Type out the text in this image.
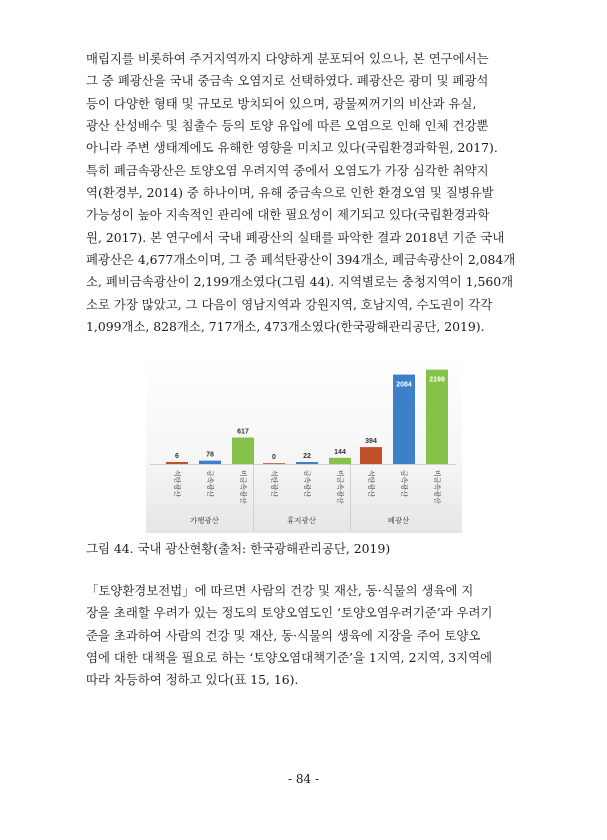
매립지를 비롯하여 주거지역까지 다양하게 분포되어 있으나, 본 연구에서는
그 중 폐광산을 국내 중금속 오염지로 선택하였다. 폐광산은 광미 및 폐광석
등이 다양한 형태 및 규모로 방치되어 있으며, 광물찌꺼기의 비산과 유실,
광산 산성배수 및 침출수 등의 토양 유입에 따른 오염으로 인해 인체 건강뿐
아니라 주변 생태계에도 유해한 영향을 미치고 있다(국립환경과학원, 2017).
특히 폐금속광산은 토양오염 우려지역 중에서 오염도가 가장 심각한 취약지
역(환경부, 2014) 중 하나이며, 유해 중금속으로 인한 환경오염 및 질병유발
가능성이 높아 지속적인 관리에 대한 필요성이 제기되고 있다(국립환경과학
원, 2017). 본 연구에서 국내 폐광산의 실태를 파악한 결과 2018년 기준 국내
폐광산은 4,677개소이며, 그 중 폐석탄광산이 394개소, 폐금속광산이 2,084개
소, 폐비금속광산이 2,199개소였다(그림 44). 지역별로는 충청지역이 1,560개
소로 가장 많았고, 그 다음이 영남지역과 강원지역, 호남지역, 수도권이 각각
1,099개소, 828개소, 717개소, 473개소였다(한국광해관리공단, 2019).
6
석탄광산
78
금속광산
617
비금속광산
가행광산
0
석탄광산
22
금속광산
144
비금속광산
휴지광산
394
석탄광산
2084
금속광산
2199
비금속광산
폐광산
그림 44. 국내 광산현황(출처: 한국광해관리공단, 2019)
「토양환경보전법」에 따르면 사람의 건강 및 재산, 동·식물의 생육에 지
장을 초래할 우려가 있는 정도의 토양오염도인 ‘토양오염우려기준’과 우려기
준을 초과하여 사람의 건강 및 재산, 동·식물의 생육에 지장을 주어 토양오
염에 대한 대책을 필요로 하는 ‘토양오염대책기준’을 1지역, 2지역, 3지역에
따라 차등하여 정하고 있다(표 15, 16).
- 84 -
